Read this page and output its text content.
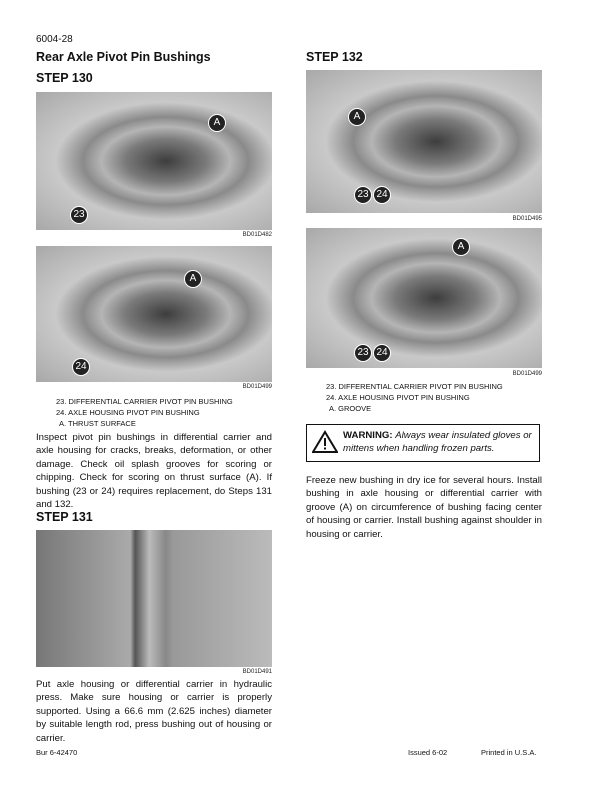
6004-28
Rear Axle Pivot Pin Bushings
STEP 130
A
23
BD01D482
A
24
BD01D499
23. DIFFERENTIAL CARRIER PIVOT PIN BUSHING
24. AXLE HOUSING PIVOT PIN BUSHING
A. THRUST SURFACE
Inspect pivot pin bushings in differential carrier and axle housing for cracks, breaks, deformation, or other damage. Check oil splash grooves for scoring or chipping. Check for scoring on thrust surface (A). If bushing (23 or 24) requires replacement, do Steps 131 and 132.
STEP 131
BD01D491
Put axle housing or differential carrier in hydraulic press. Make sure housing or carrier is properly supported. Using a 66.6 mm (2.625 inches) diameter by suitable length rod, press bushing out of housing or carrier.
STEP 132
A
23 24
BD01D495
A
23 24
BD01D499
23. DIFFERENTIAL CARRIER PIVOT PIN BUSHING
24. AXLE HOUSING PIVOT PIN BUSHING
A. GROOVE
WARNING: Always wear insulated gloves or mittens when handling frozen parts.
Freeze new bushing in dry ice for several hours. Install bushing in axle housing or differential carrier with groove (A) on circumference of bushing facing center of housing or carrier. Install bushing against shoulder in housing or carrier.
Bur 6-42470	Issued 6-02	Printed in U.S.A.
